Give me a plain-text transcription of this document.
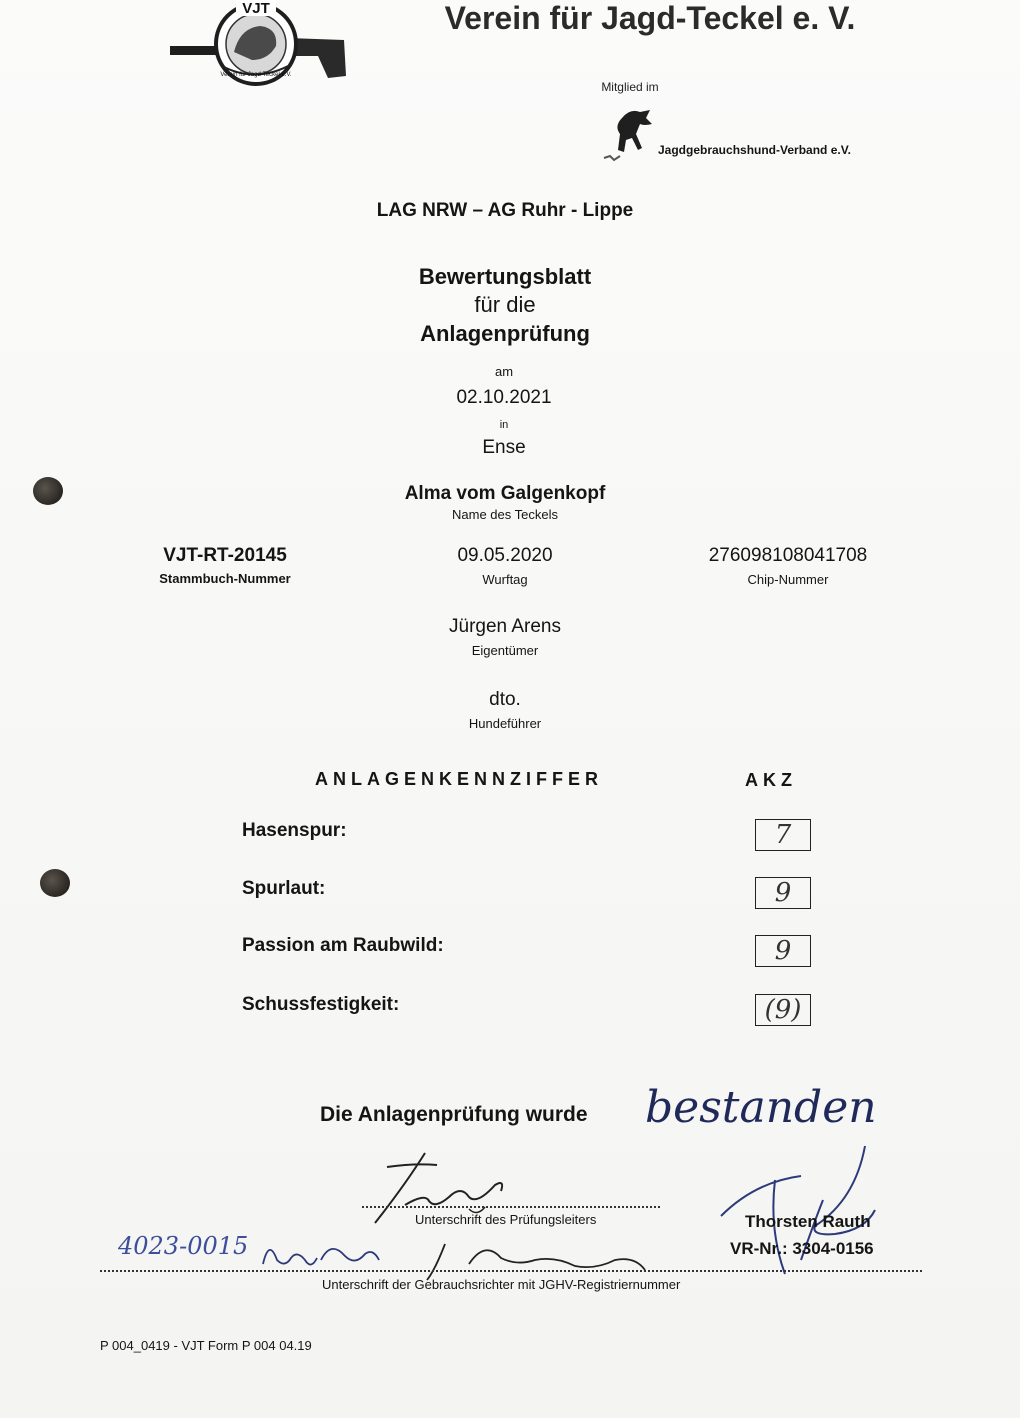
Verein für Jagd-Teckel e.V.
VJT	Verein für Jagd-Teckel e. V.
Mitglied im
Jagdgebrauchshund-Verband e.V.
LAG NRW – AG Ruhr - Lippe
Bewertungsblatt
für die
Anlagenprüfung
am
02.10.2021
in
Ense
Alma vom Galgenkopf
Name des Teckels
VJT-RT-20145
Stammbuch-Nummer
09.05.2020
Wurftag
276098108041708
Chip-Nummer
Jürgen Arens
Eigentümer
dto.
Hundeführer
ANLAGENKENNZIFFER	AKZ
Hasenspur:	7
Spurlaut:	9
Passion am Raubwild:	9
Schussfestigkeit:	(9)
Die Anlagenprüfung wurde bestanden
Unterschrift des Prüfungsleiters	Thorsten Rauth
VR-Nr.: 3304-0156
4023-0015
Unterschrift der Gebrauchsrichter mit JGHV-Registriernummer
P 004_0419 - VJT Form P 004 04.19
